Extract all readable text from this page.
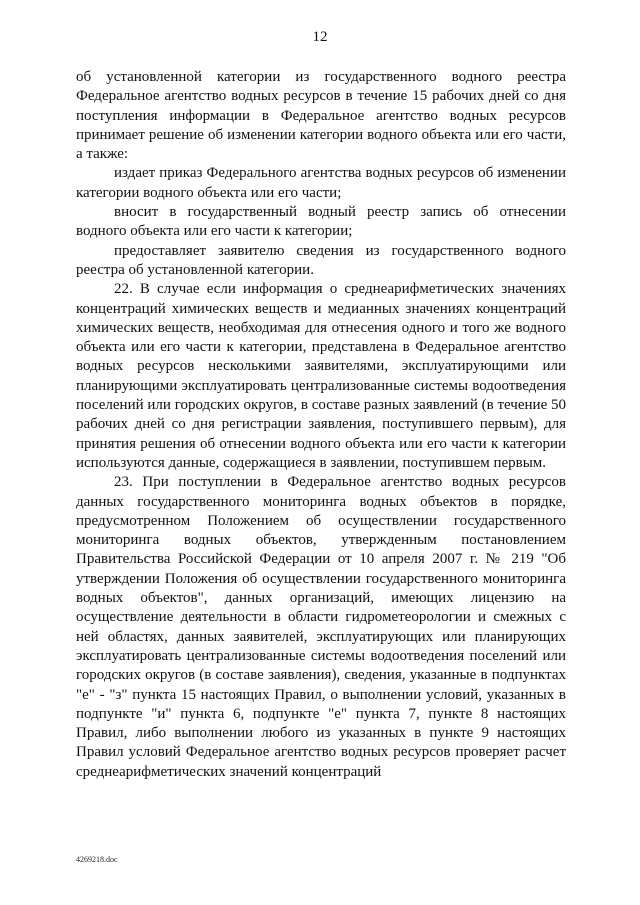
12

об установленной категории из государственного водного реестра Федеральное агентство водных ресурсов в течение 15 рабочих дней со дня поступления информации в Федеральное агентство водных ресурсов принимает решение об изменении категории водного объекта или его части, а также:

издает приказ Федерального агентства водных ресурсов об изменении категории водного объекта или его части;

вносит в государственный водный реестр запись об отнесении водного объекта или его части к категории;

предоставляет заявителю сведения из государственного водного реестра об установленной категории.

22. В случае если информация о среднеарифметических значениях концентраций химических веществ и медианных значениях концентраций химических веществ, необходимая для отнесения одного и того же водного объекта или его части к категории, представлена в Федеральное агентство водных ресурсов несколькими заявителями, эксплуатирующими или планирующими эксплуатировать централизованные системы водоотведения поселений или городских округов, в составе разных заявлений (в течение 50 рабочих дней со дня регистрации заявления, поступившего первым), для принятия решения об отнесении водного объекта или его части к категории используются данные, содержащиеся в заявлении, поступившем первым.

23. При поступлении в Федеральное агентство водных ресурсов данных государственного мониторинга водных объектов в порядке, предусмотренном Положением об осуществлении государственного мониторинга водных объектов, утвержденным постановлением Правительства Российской Федерации от 10 апреля 2007 г. № 219 "Об утверждении Положения об осуществлении государственного мониторинга водных объектов", данных организаций, имеющих лицензию на осуществление деятельности в области гидрометеорологии и смежных с ней областях, данных заявителей, эксплуатирующих или планирующих эксплуатировать централизованные системы водоотведения поселений или городских округов (в составе заявления), сведения, указанные в подпунктах "е" - "з" пункта 15 настоящих Правил, о выполнении условий, указанных в подпункте "и" пункта 6, подпункте "е" пункта 7, пункте 8 настоящих Правил, либо выполнении любого из указанных в пункте 9 настоящих Правил условий Федеральное агентство водных ресурсов проверяет расчет среднеарифметических значений концентраций

4269218.doc
